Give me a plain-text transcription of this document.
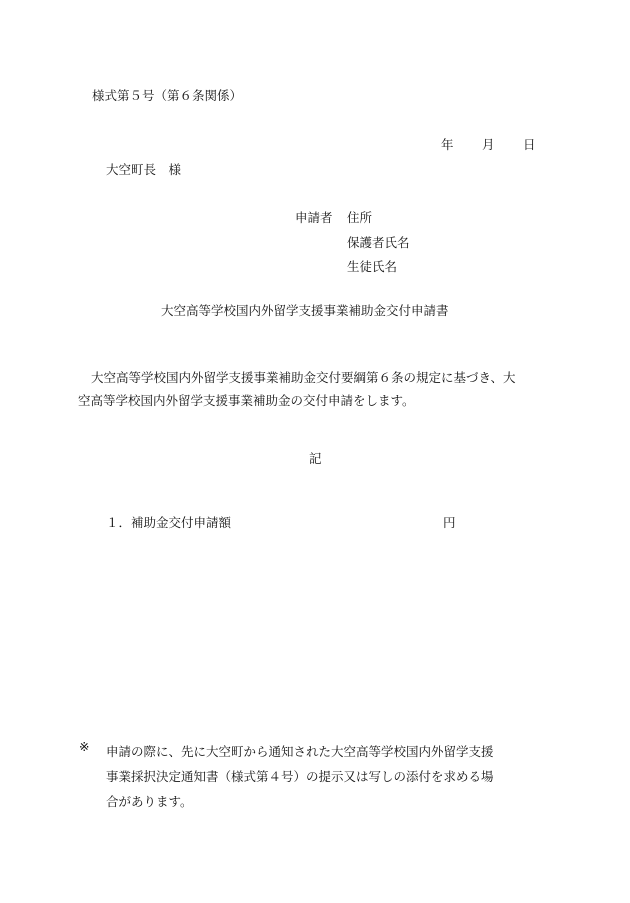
様式第５号（第６条関係）
年 月 日
大空町長　様
申請者 住所
保護者氏名
生徒氏名
大空高等学校国内外留学支援事業補助金交付申請書
大空高等学校国内外留学支援事業補助金交付要綱第６条の規定に基づき、大
空高等学校国内外留学支援事業補助金の交付申請をします。
記
１．補助金交付申請額	円
※ 申請の際に、先に大空町から通知された大空高等学校国内外留学支援
事業採択決定通知書（様式第４号）の提示又は写しの添付を求める場
合があります。
